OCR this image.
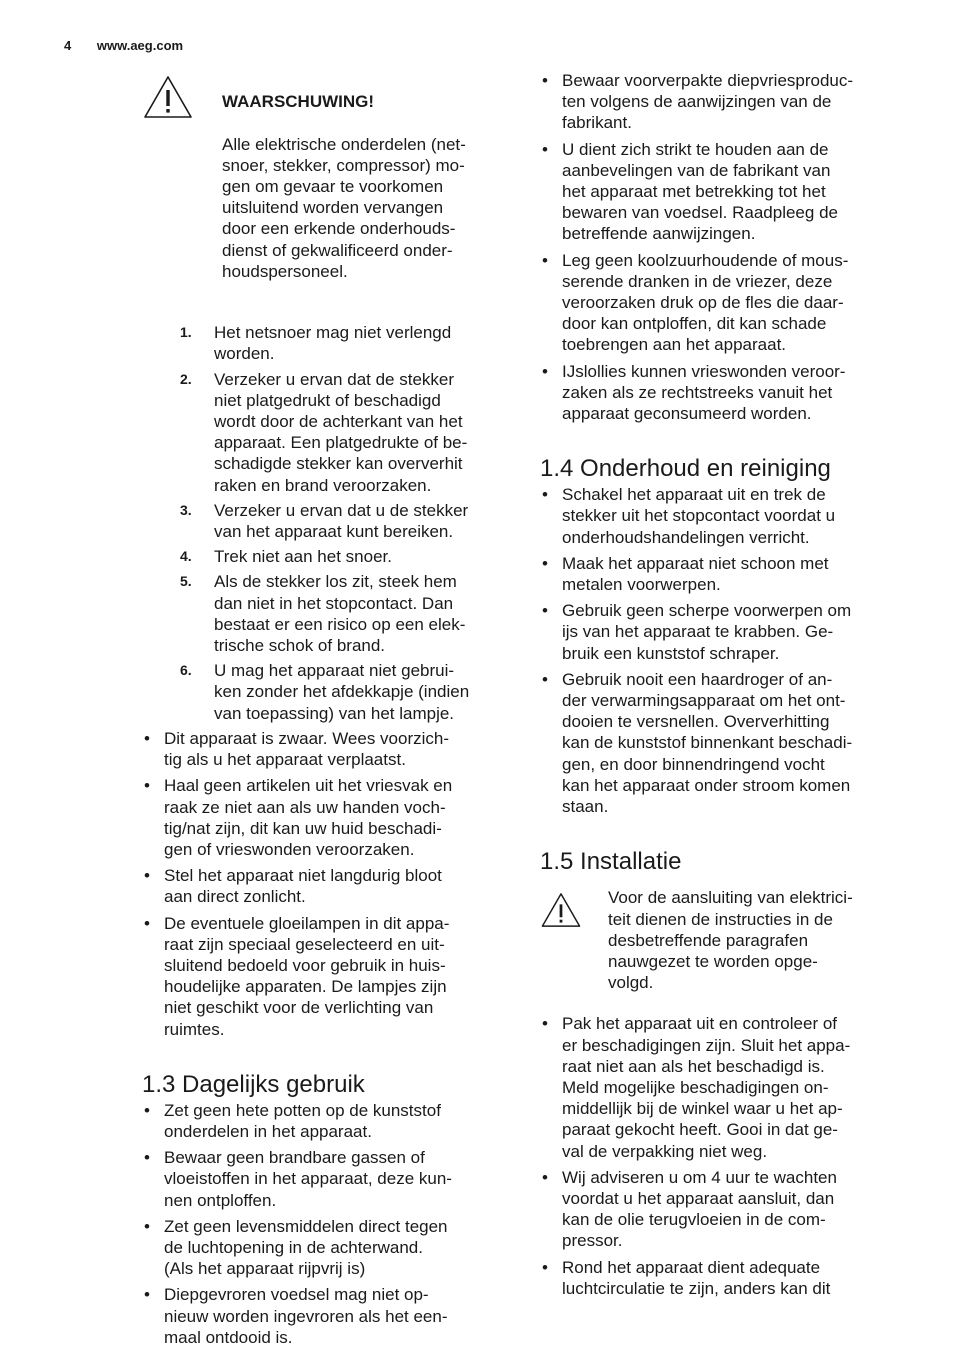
4 www.aeg.com

WAARSCHUWING!

Alle elektrische onderdelen (net-
snoer, stekker, compressor) mo-
gen om gevaar te voorkomen
uitsluitend worden vervangen
door een erkende onderhouds-
dienst of gekwalificeerd onder-
houdspersoneel.

1.	Het netsnoer mag niet verlengd
worden.
2.	Verzeker u ervan dat de stekker
niet platgedrukt of beschadigd
wordt door de achterkant van het
apparaat. Een platgedrukte of be-
schadigde stekker kan oververhit
raken en brand veroorzaken.
3.	Verzeker u ervan dat u de stekker
van het apparaat kunt bereiken.
4.	Trek niet aan het snoer.
5.	Als de stekker los zit, steek hem
dan niet in het stopcontact. Dan
bestaat er een risico op een elek-
trische schok of brand.
6.	U mag het apparaat niet gebrui-
ken zonder het afdekkapje (indien
van toepassing) van het lampje.
• Dit apparaat is zwaar. Wees voorzich-
tig als u het apparaat verplaatst.
• Haal geen artikelen uit het vriesvak en
raak ze niet aan als uw handen voch-
tig/nat zijn, dit kan uw huid beschadi-
gen of vrieswonden veroorzaken.
• Stel het apparaat niet langdurig bloot
aan direct zonlicht.
• De eventuele gloeilampen in dit appa-
raat zijn speciaal geselecteerd en uit-
sluitend bedoeld voor gebruik in huis-
houdelijke apparaten. De lampjes zijn
niet geschikt voor de verlichting van
ruimtes.
1.3 Dagelijks gebruik
• Zet geen hete potten op de kunststof
onderdelen in het apparaat.
• Bewaar geen brandbare gassen of
vloeistoffen in het apparaat, deze kun-
nen ontploffen.
• Zet geen levensmiddelen direct tegen
de luchtopening in de achterwand.
(Als het apparaat rijpvrij is)
• Diepgevroren voedsel mag niet op-
nieuw worden ingevroren als het een-
maal ontdooid is.
• Bewaar voorverpakte diepvriesproduc-
ten volgens de aanwijzingen van de
fabrikant.
• U dient zich strikt te houden aan de
aanbevelingen van de fabrikant van
het apparaat met betrekking tot het
bewaren van voedsel. Raadpleeg de
betreffende aanwijzingen.
• Leg geen koolzuurhoudende of mous-
serende dranken in de vriezer, deze
veroorzaken druk op de fles die daar-
door kan ontploffen, dit kan schade
toebrengen aan het apparaat.
• IJslollies kunnen vrieswonden veroor-
zaken als ze rechtstreeks vanuit het
apparaat geconsumeerd worden.
1.4 Onderhoud en reiniging
• Schakel het apparaat uit en trek de
stekker uit het stopcontact voordat u
onderhoudshandelingen verricht.
• Maak het apparaat niet schoon met
metalen voorwerpen.
• Gebruik geen scherpe voorwerpen om
ijs van het apparaat te krabben. Ge-
bruik een kunststof schraper.
• Gebruik nooit een haardroger of an-
der verwarmingsapparaat om het ont-
dooien te versnellen. Oververhitting
kan de kunststof binnenkant beschadi-
gen, en door binnendringend vocht
kan het apparaat onder stroom komen
staan.
1.5 Installatie
Voor de aansluiting van elektrici-
teit dienen de instructies in de
desbetreffende paragrafen
nauwgezet te worden opge-
volgd.
• Pak het apparaat uit en controleer of
er beschadigingen zijn. Sluit het appa-
raat niet aan als het beschadigd is.
Meld mogelijke beschadigingen on-
middellijk bij de winkel waar u het ap-
paraat gekocht heeft. Gooi in dat ge-
val de verpakking niet weg.
• Wij adviseren u om 4 uur te wachten
voordat u het apparaat aansluit, dan
kan de olie terugvloeien in de com-
pressor.
• Rond het apparaat dient adequate
luchtcirculatie te zijn, anders kan dit
